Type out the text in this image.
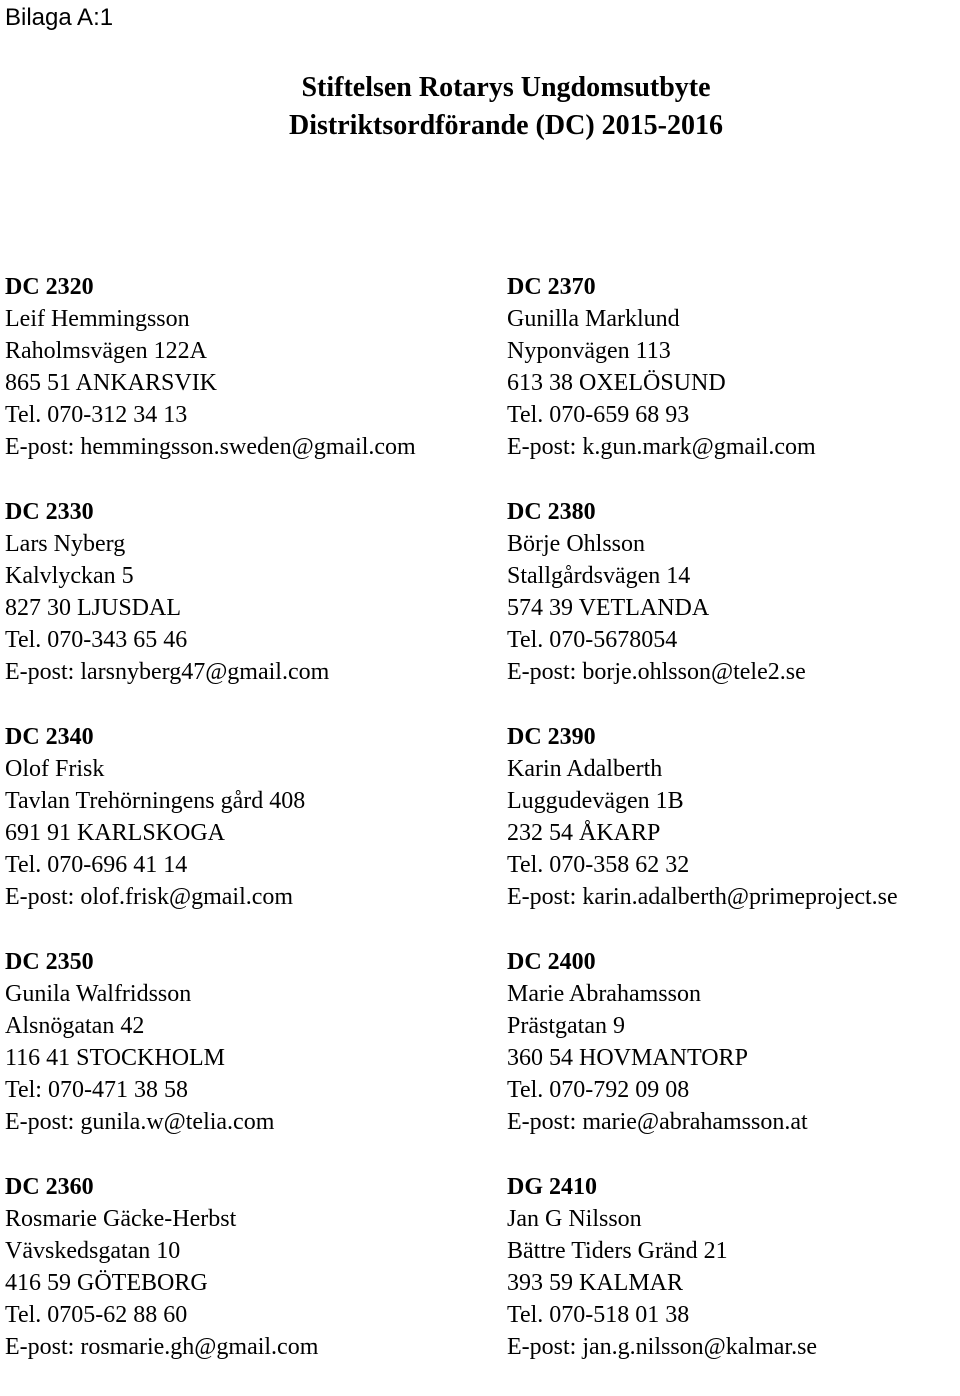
Bilaga A:1
Stiftelsen Rotarys Ungdomsutbyte
Distriktsordförande (DC) 2015-2016
DC 2320
Leif Hemmingsson
Raholmsvägen 122A
865 51 ANKARSVIK
Tel. 070-312 34 13
E-post: hemmingsson.sweden@gmail.com
DC 2330
Lars Nyberg
Kalvlyckan 5
827 30 LJUSDAL
Tel. 070-343 65 46
E-post: larsnyberg47@gmail.com
DC 2340
Olof Frisk
Tavlan Trehörningens gård 408
691 91 KARLSKOGA
Tel. 070-696 41 14
E-post: olof.frisk@gmail.com
DC 2350
Gunila Walfridsson
Alsnögatan 42
116 41 STOCKHOLM
Tel: 070-471 38 58
E-post: gunila.w@telia.com
DC 2360
Rosmarie Gäcke-Herbst
Vävskedsgatan 10
416 59 GÖTEBORG
Tel. 0705-62 88 60
E-post: rosmarie.gh@gmail.com
DC 2370
Gunilla Marklund
Nyponvägen 113
613 38 OXELÖSUND
Tel. 070-659 68 93
E-post: k.gun.mark@gmail.com
DC 2380
Börje Ohlsson
Stallgårdsvägen 14
574 39 VETLANDA
Tel. 070-5678054
E-post: borje.ohlsson@tele2.se
DC 2390
Karin Adalberth
Luggudevägen 1B
232 54 ÅKARP
Tel. 070-358 62 32
E-post: karin.adalberth@primeproject.se
DC 2400
Marie Abrahamsson
Prästgatan 9
360 54 HOVMANTORP
Tel. 070-792 09 08
E-post: marie@abrahamsson.at
DG 2410
Jan G Nilsson
Bättre Tiders Gränd 21
393 59 KALMAR
Tel. 070-518 01 38
E-post: jan.g.nilsson@kalmar.se
